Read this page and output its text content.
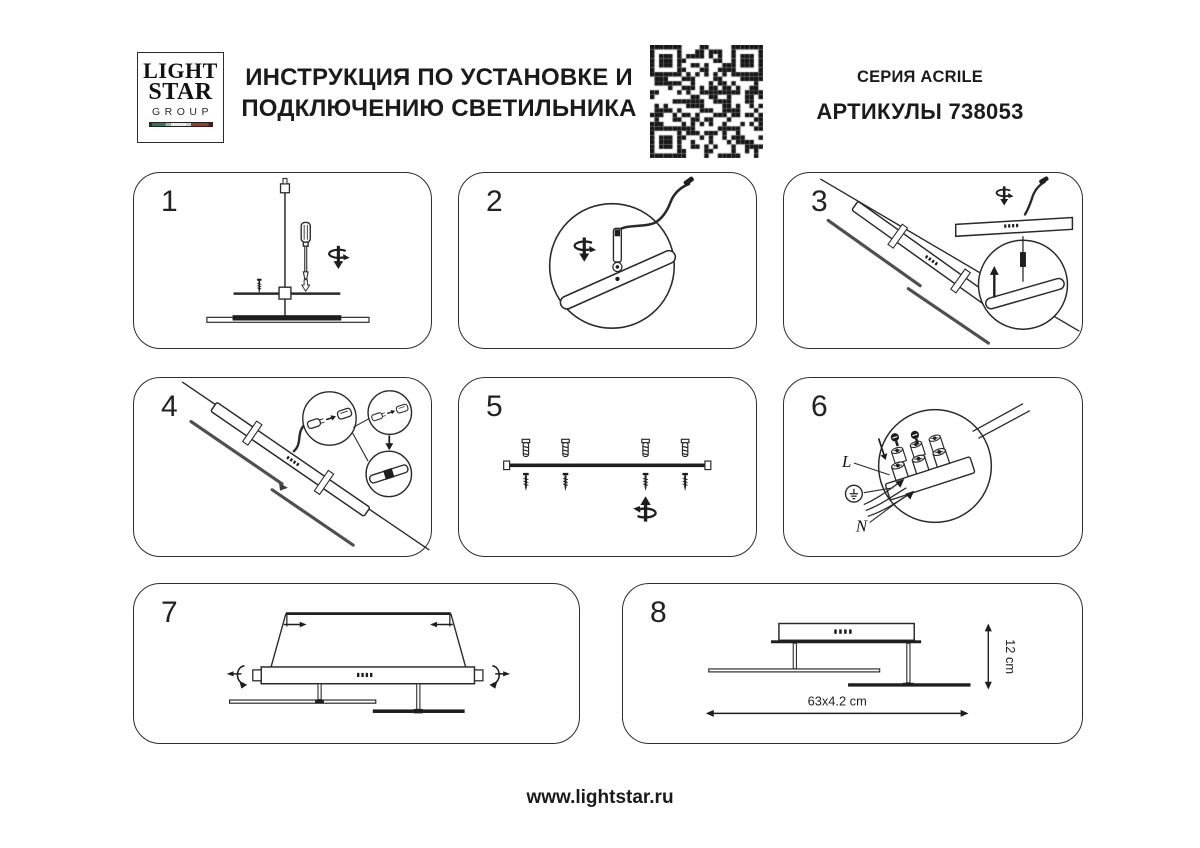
LIGHT
STAR
GROUP
ИНСТРУКЦИЯ ПО УСТАНОВКЕ И
ПОДКЛЮЧЕНИЮ СВЕТИЛЬНИКА
СЕРИЯ ACRILE
АРТИКУЛЫ 738053
1	2	3
4	5	6
L
N
7	8
12 cm
63x4.2 cm
www.lightstar.ru
